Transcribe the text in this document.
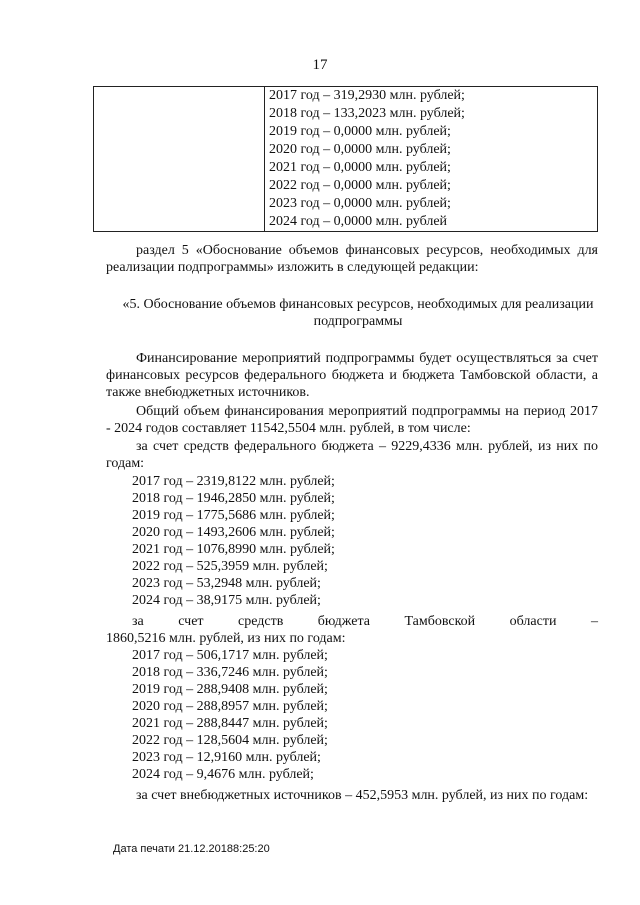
17

2017 год – 319,2930 млн. рублей;
2018 год – 133,2023 млн. рублей;
2019 год – 0,0000 млн. рублей;
2020 год – 0,0000 млн. рублей;
2021 год – 0,0000 млн. рублей;
2022 год – 0,0000 млн. рублей;
2023 год – 0,0000 млн. рублей;
2024 год – 0,0000 млн. рублей
раздел 5 «Обоснование объемов финансовых ресурсов, необходимых для реализации подпрограммы» изложить в следующей редакции:
«5. Обоснование объемов финансовых ресурсов, необходимых для реализации подпрограммы
Финансирование мероприятий подпрограммы будет осуществляться за счет финансовых ресурсов федерального бюджета и бюджета Тамбовской области, а также внебюджетных источников.
Общий объем финансирования мероприятий подпрограммы на период 2017 - 2024 годов составляет 11542,5504 млн. рублей, в том числе:
за счет средств федерального бюджета – 9229,4336 млн. рублей, из них по годам:
2017 год – 2319,8122 млн. рублей;
2018 год – 1946,2850 млн. рублей;
2019 год – 1775,5686 млн. рублей;
2020 год – 1493,2606 млн. рублей;
2021 год – 1076,8990 млн. рублей;
2022 год – 525,3959 млн. рублей;
2023 год – 53,2948 млн. рублей;
2024 год – 38,9175 млн. рублей;
за счет средств бюджета Тамбовской области –
1860,5216 млн. рублей, из них по годам:
2017 год – 506,1717 млн. рублей;
2018 год – 336,7246 млн. рублей;
2019 год – 288,9408 млн. рублей;
2020 год – 288,8957 млн. рублей;
2021 год – 288,8447 млн. рублей;
2022 год – 128,5604 млн. рублей;
2023 год – 12,9160 млн. рублей;
2024 год – 9,4676 млн. рублей;
за счет внебюджетных источников – 452,5953 млн. рублей, из них по годам:
Дата печати 21.12.20188:25:20
